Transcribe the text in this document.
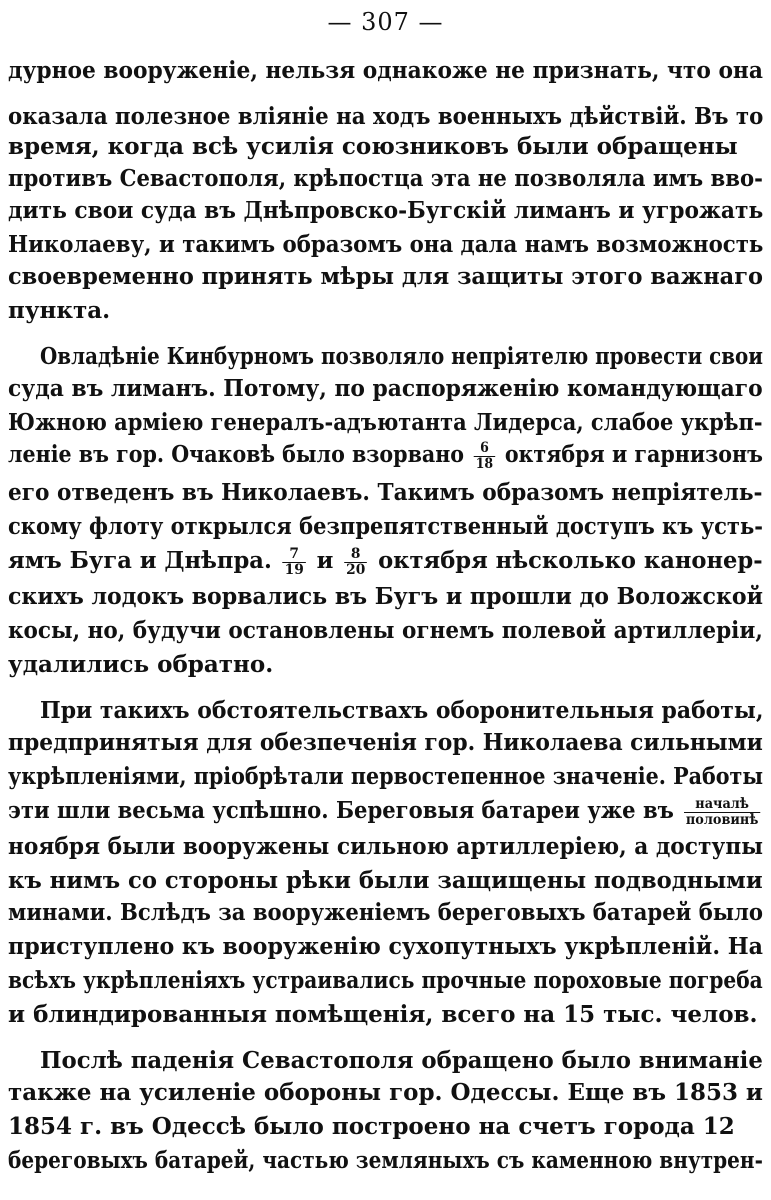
— 307 —
дурное вооруженіе, нельзя однакоже не признать, что она
оказала полезное вліяніе на ходъ военныхъ дѣйствій. Въ то
время, когда всѣ усилія союзниковъ были обращены
противъ Севастополя, крѣпостца эта не позволяла имъ вво-
дить свои суда въ Днѣпровско-Бугскій лиманъ и угрожать
Николаеву, и такимъ образомъ она дала намъ возможность
своевременно принять мѣры для защиты этого важнаго
пункта.
Овладѣніе Кинбурномъ позволяло непріятелю провести свои
суда въ лиманъ. Потому, по распоряженію командующаго
Южною арміею генералъ-адъютанта Лидерса, слабое укрѣп-
леніе въ гор. Очаковѣ было взорвано $\frac{6}{18}$ октября и гарнизонъ
его отведенъ въ Николаевъ. Такимъ образомъ непріятель-
скому флоту открылся безпрепятственный доступъ къ усть-
ямъ Буга и Днѣпра. $\frac{7}{19}$ и $\frac{8}{20}$ октября нѣсколько канонер-
скихъ лодокъ ворвались въ Бугъ и прошли до Воложской
косы, но, будучи остановлены огнемъ полевой артиллеріи,
удалились обратно.
При такихъ обстоятельствахъ оборонительныя работы,
предпринятыя для обезпеченія гор. Николаева сильными
укрѣпленіями, пріобрѣтали первостепенное значеніе. Работы
эти шли весьма успѣшно. Береговыя батареи уже въ $\frac{\text{началѣ}}{\text{половинѣ}}$
ноября были вооружены сильною артиллеріею, а доступы
къ нимъ со стороны рѣки были защищены подводными
минами. Вслѣдъ за вооруженіемъ береговыхъ батарей было
приступлено къ вооруженію сухопутныхъ укрѣпленій. На
всѣхъ укрѣпленіяхъ устраивались прочные пороховые погреба
и блиндированныя помѣщенія, всего на 15 тыс. челов.
Послѣ паденія Севастополя обращено было вниманіе
также на усиленіе обороны гор. Одессы. Еще въ 1853 и
1854 г. въ Одессѣ было построено на счетъ города 12
береговыхъ батарей, частью земляныхъ съ каменною внутрен-
